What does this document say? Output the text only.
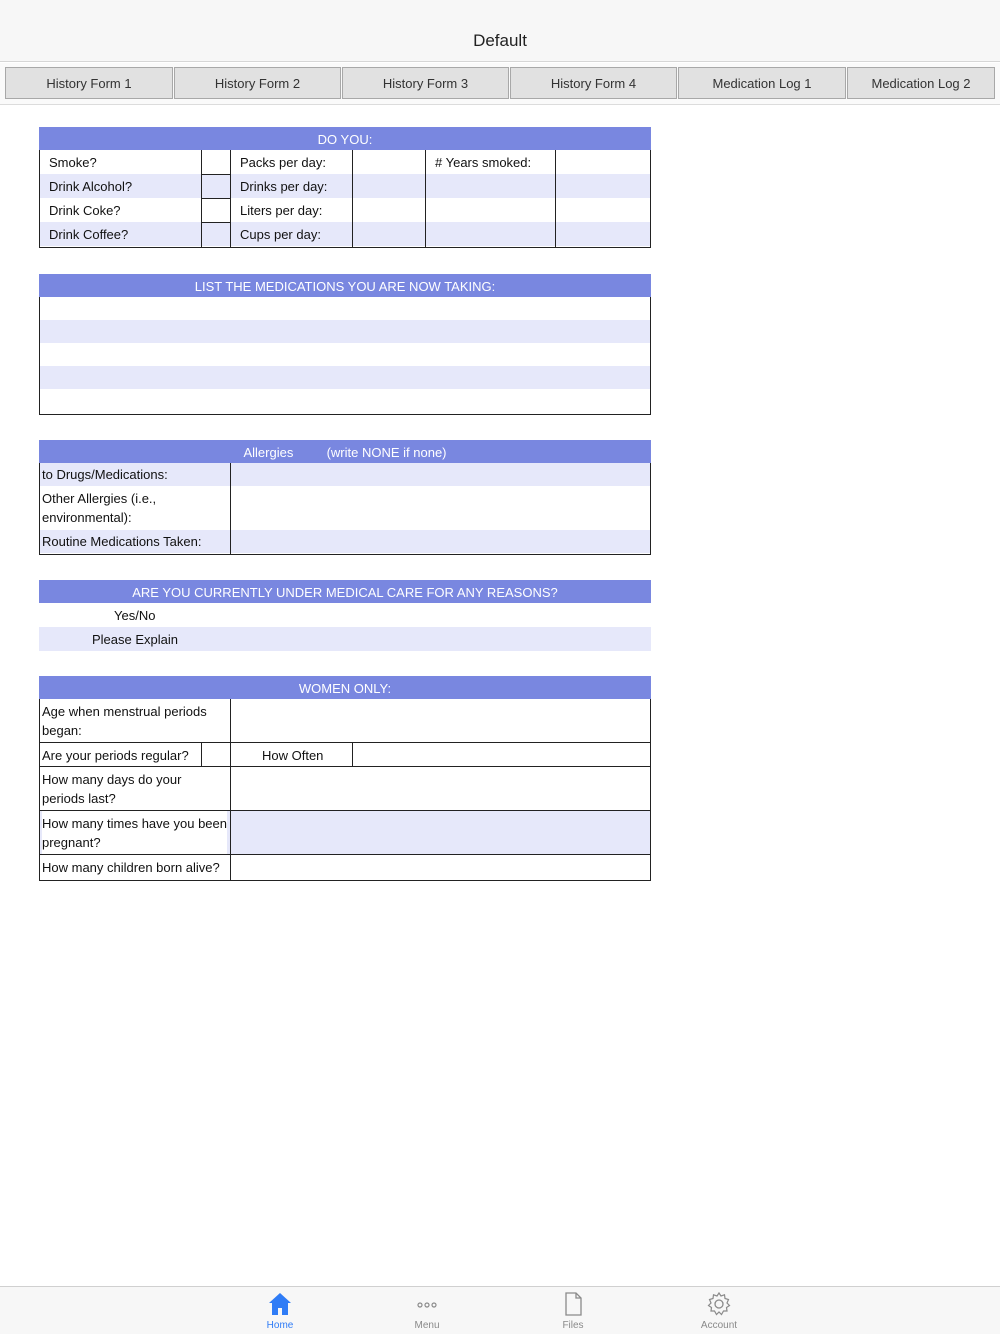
Default
History Form 1	History Form 2	History Form 3	History Form 4	Medication Log 1	Medication Log 2
DO YOU:
Smoke?	Packs per day:	# Years smoked:
Drink Alcohol?	Drinks per day:
Drink Coke?	Liters per day:
Drink Coffee?	Cups per day:
LIST THE MEDICATIONS YOU ARE NOW TAKING:
Allergies	(write NONE if none)
to Drugs/Medications:
Other Allergies (i.e., environmental):
Routine Medications Taken:
ARE YOU CURRENTLY UNDER MEDICAL CARE FOR ANY REASONS?
Yes/No
Please Explain
WOMEN ONLY:
Age when menstrual periods began:
Are your periods regular?	How Often
How many days do your periods last?
How many times have you been pregnant?
How many children born alive?
Home	Menu	Files	Account
